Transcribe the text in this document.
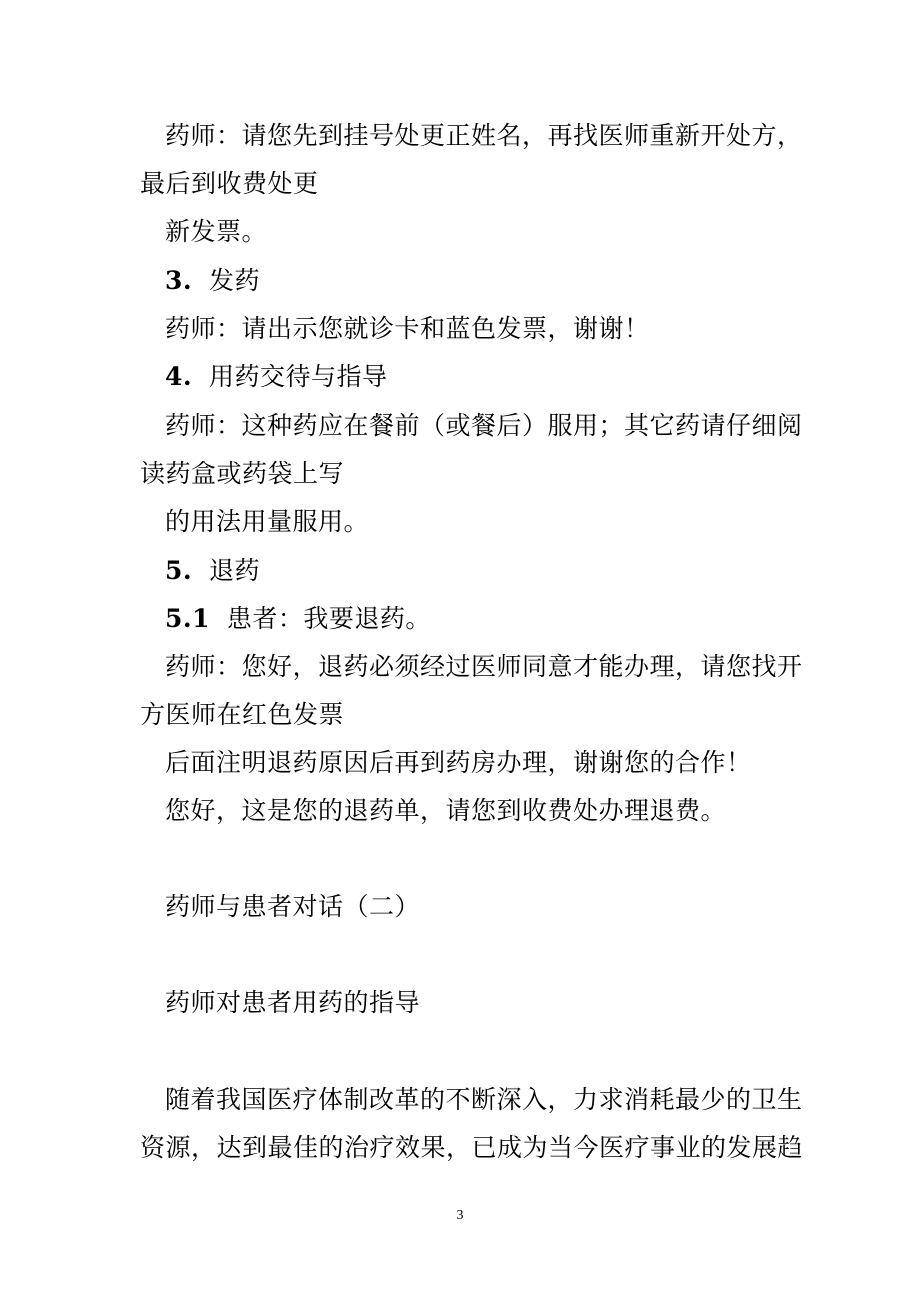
药师：请您先到挂号处更正姓名，再找医师重新开处方，
最后到收费处更
新发票。
3. 发药
药师：请出示您就诊卡和蓝色发票，谢谢！
4. 用药交待与指导
药师：这种药应在餐前（或餐后）服用；其它药请仔细阅
读药盒或药袋上写
的用法用量服用。
5. 退药
5.1 患者：我要退药。
药师：您好，退药必须经过医师同意才能办理，请您找开
方医师在红色发票
后面注明退药原因后再到药房办理，谢谢您的合作！
您好，这是您的退药单，请您到收费处办理退费。
药师与患者对话（二）
药师对患者用药的指导
随着我国医疗体制改革的不断深入，力求消耗最少的卫生
资源，达到最佳的治疗效果，已成为当今医疗事业的发展趋
3
